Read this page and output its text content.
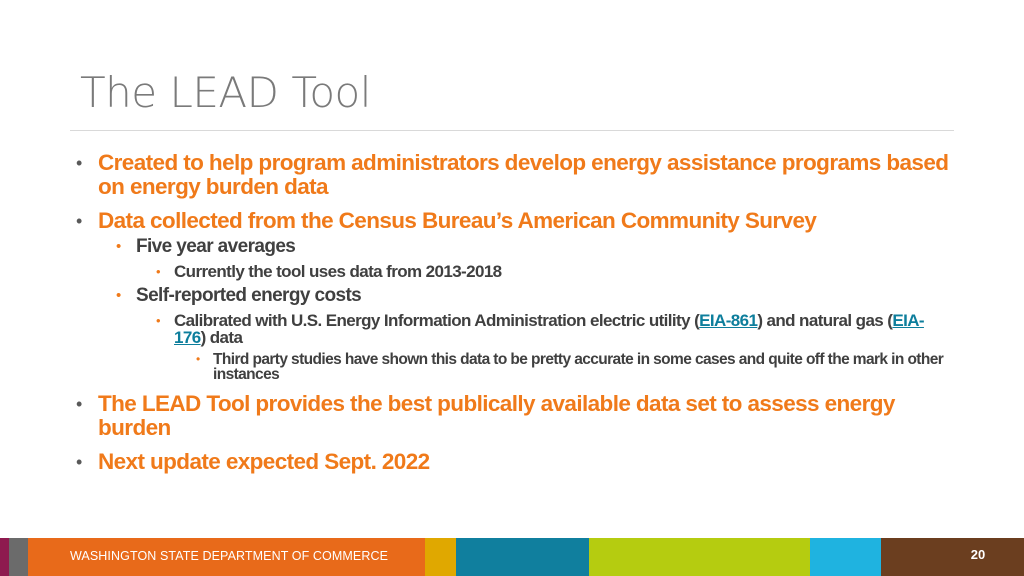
The LEAD Tool
• Created to help program administrators develop energy assistance programs based on energy burden data
• Data collected from the Census Bureau’s American Community Survey
• Five year averages
• Currently the tool uses data from 2013-2018
• Self-reported energy costs
• Calibrated with U.S. Energy Information Administration electric utility (EIA-861) and natural gas (EIA-176) data
• Third party studies have shown this data to be pretty accurate in some cases and quite off the mark in other instances
• The LEAD Tool provides the best publically available data set to assess energy burden
• Next update expected Sept. 2022
WASHINGTON STATE DEPARTMENT OF COMMERCE	20
